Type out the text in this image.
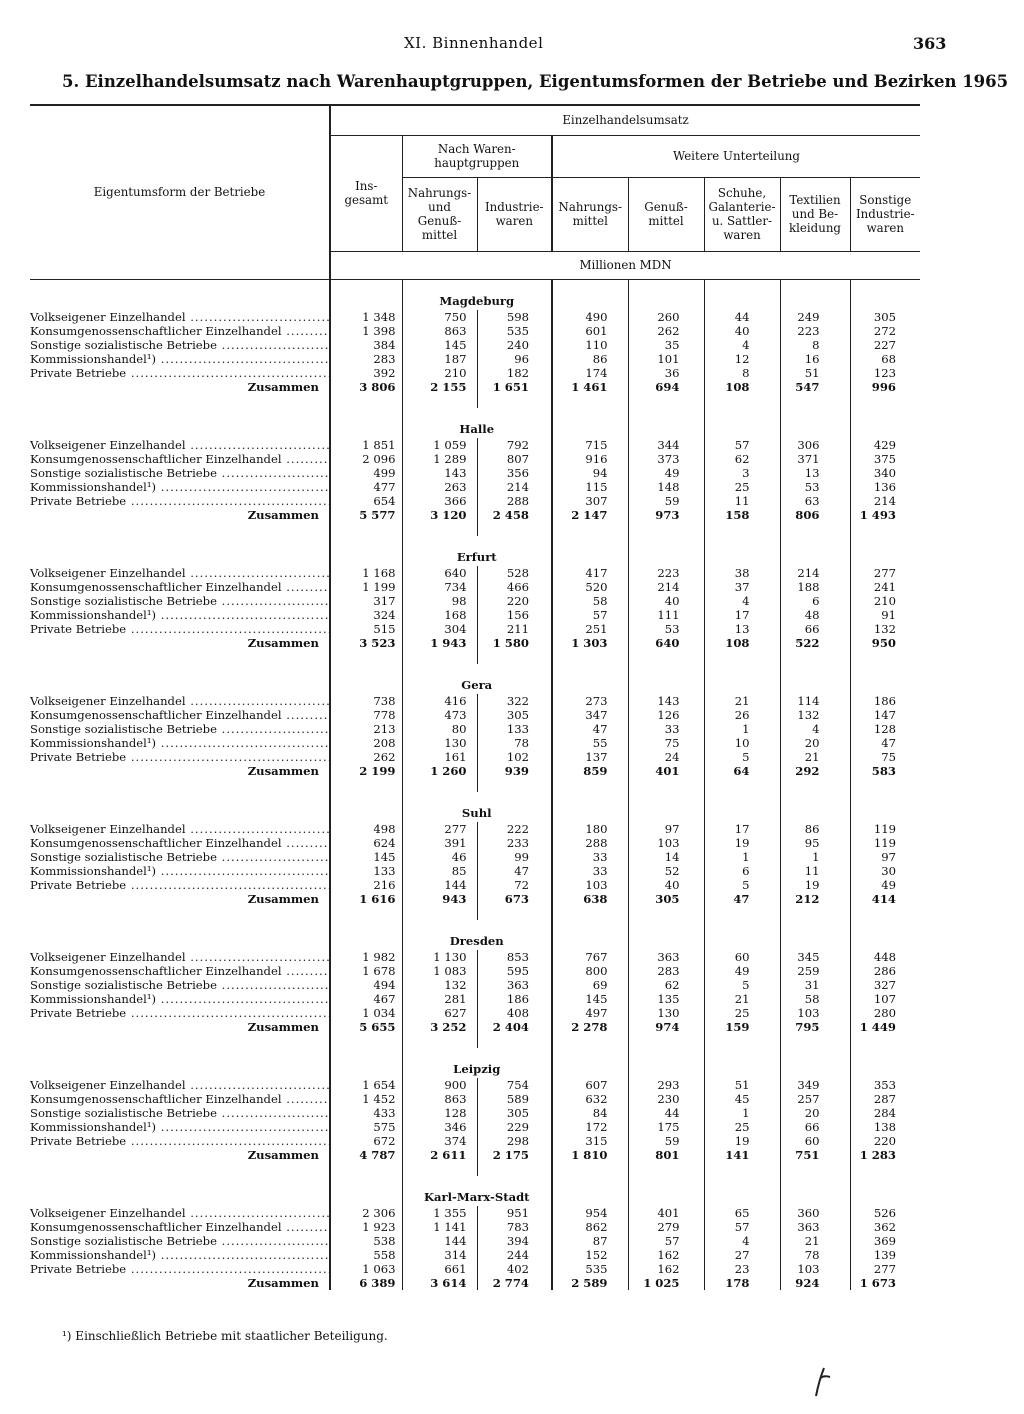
XI. Binnenhandel	363
5. Einzelhandelsumsatz nach Warenhauptgruppen, Eigentumsformen der Betriebe und Bezirken 1965
Eigentumsform der Betriebe	Einzelhandelsumsatz							
	Ins-
gesamt	Nach Waren-
hauptgruppen		Weitere Unterteilung				
		Nahrungs-
und
Genuß-
mittel	Industrie-
waren	Nahrungs-
mittel	Genuß-
mittel	Schuhe,
Galanterie-
u. Sattler-
waren	Textilien
und Be-
kleidung	Sonstige
Industrie-
waren
	Millionen MDN							
		Magdeburg						
Volkseigener Einzelhandel .....	1 348	750	598	490	260	44	249	305
Konsumgenossenschaftlicher Einzelhandel .....	1 398	863	535	601	262	40	223	272
Sonstige sozialistische Betriebe .....	384	145	240	110	35	4	8	227
Kommissionshandel¹) .....	283	187	96	86	101	12	16	68
Private Betriebe .....	392	210	182	174	36	8	51	123
Zusammen	3 806	2 155	1 651	1 461	694	108	547	996

		Halle						
Volkseigener Einzelhandel .....	1 851	1 059	792	715	344	57	306	429
Konsumgenossenschaftlicher Einzelhandel .....	2 096	1 289	807	916	373	62	371	375
Sonstige sozialistische Betriebe .....	499	143	356	94	49	3	13	340
Kommissionshandel¹) .....	477	263	214	115	148	25	53	136
Private Betriebe .....	654	366	288	307	59	11	63	214
Zusammen	5 577	3 120	2 458	2 147	973	158	806	1 493

		Erfurt						
Volkseigener Einzelhandel .....	1 168	640	528	417	223	38	214	277
Konsumgenossenschaftlicher Einzelhandel .....	1 199	734	466	520	214	37	188	241
Sonstige sozialistische Betriebe .....	317	98	220	58	40	4	6	210
Kommissionshandel¹) .....	324	168	156	57	111	17	48	91
Private Betriebe .....	515	304	211	251	53	13	66	132
Zusammen	3 523	1 943	1 580	1 303	640	108	522	950

		Gera						
Volkseigener Einzelhandel .....	738	416	322	273	143	21	114	186
Konsumgenossenschaftlicher Einzelhandel .....	778	473	305	347	126	26	132	147
Sonstige sozialistische Betriebe .....	213	80	133	47	33	1	4	128
Kommissionshandel¹) .....	208	130	78	55	75	10	20	47
Private Betriebe .....	262	161	102	137	24	5	21	75
Zusammen	2 199	1 260	939	859	401	64	292	583

		Suhl						
Volkseigener Einzelhandel .....	498	277	222	180	97	17	86	119
Konsumgenossenschaftlicher Einzelhandel .....	624	391	233	288	103	19	95	119
Sonstige sozialistische Betriebe .....	145	46	99	33	14	1	1	97
Kommissionshandel¹) .....	133	85	47	33	52	6	11	30
Private Betriebe .....	216	144	72	103	40	5	19	49
Zusammen	1 616	943	673	638	305	47	212	414

		Dresden						
Volkseigener Einzelhandel .....	1 982	1 130	853	767	363	60	345	448
Konsumgenossenschaftlicher Einzelhandel .....	1 678	1 083	595	800	283	49	259	286
Sonstige sozialistische Betriebe .....	494	132	363	69	62	5	31	327
Kommissionshandel¹) .....	467	281	186	145	135	21	58	107
Private Betriebe .....	1 034	627	408	497	130	25	103	280
Zusammen	5 655	3 252	2 404	2 278	974	159	795	1 449

		Leipzig						
Volkseigener Einzelhandel .....	1 654	900	754	607	293	51	349	353
Konsumgenossenschaftlicher Einzelhandel .....	1 452	863	589	632	230	45	257	287
Sonstige sozialistische Betriebe .....	433	128	305	84	44	1	20	284
Kommissionshandel¹) .....	575	346	229	172	175	25	66	138
Private Betriebe .....	672	374	298	315	59	19	60	220
Zusammen	4 787	2 611	2 175	1 810	801	141	751	1 283

		Karl-Marx-Stadt						
Volkseigener Einzelhandel .....	2 306	1 355	951	954	401	65	360	526
Konsumgenossenschaftlicher Einzelhandel .....	1 923	1 141	783	862	279	57	363	362
Sonstige sozialistische Betriebe .....	538	144	394	87	57	4	21	369
Kommissionshandel¹) .....	558	314	244	152	162	27	78	139
Private Betriebe .....	1 063	661	402	535	162	23	103	277
Zusammen	6 389	3 614	2 774	2 589	1 025	178	924	1 673
¹) Einschließlich Betriebe mit staatlicher Beteiligung.
